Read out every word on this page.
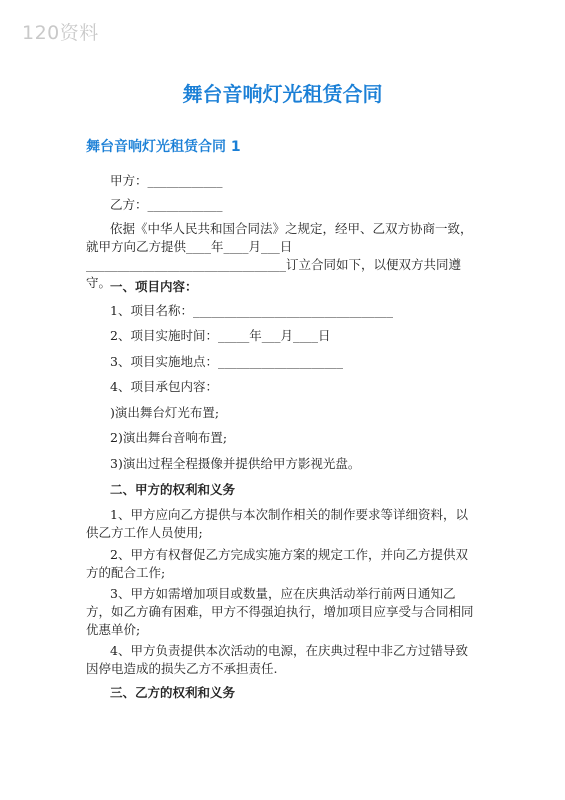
120资料
舞台音响灯光租赁合同
舞台音响灯光租赁合同 1
甲方：____________
乙方：____________
依据《中华人民共和国合同法》之规定，经甲、乙双方协商一致，就甲方向乙方提供____年____月___日________________________________订立合同如下，以便双方共同遵守。
一、项目内容：
1、项目名称：________________________________
2、项目实施时间：_____年___月____日
3、项目实施地点：____________________
4、项目承包内容：
)演出舞台灯光布置;
2)演出舞台音响布置;
3)演出过程全程摄像并提供给甲方影视光盘。
二、甲方的权利和义务
1、甲方应向乙方提供与本次制作相关的制作要求等详细资料，以供乙方工作人员使用;
2、甲方有权督促乙方完成实施方案的规定工作，并向乙方提供双方的配合工作;
3、甲方如需增加项目或数量，应在庆典活动举行前两日通知乙方，如乙方确有困难，甲方不得强迫执行，增加项目应享受与合同相同优惠单价;
4、甲方负责提供本次活动的电源，在庆典过程中非乙方过错导致因停电造成的损失乙方不承担责任.
三、乙方的权利和义务
